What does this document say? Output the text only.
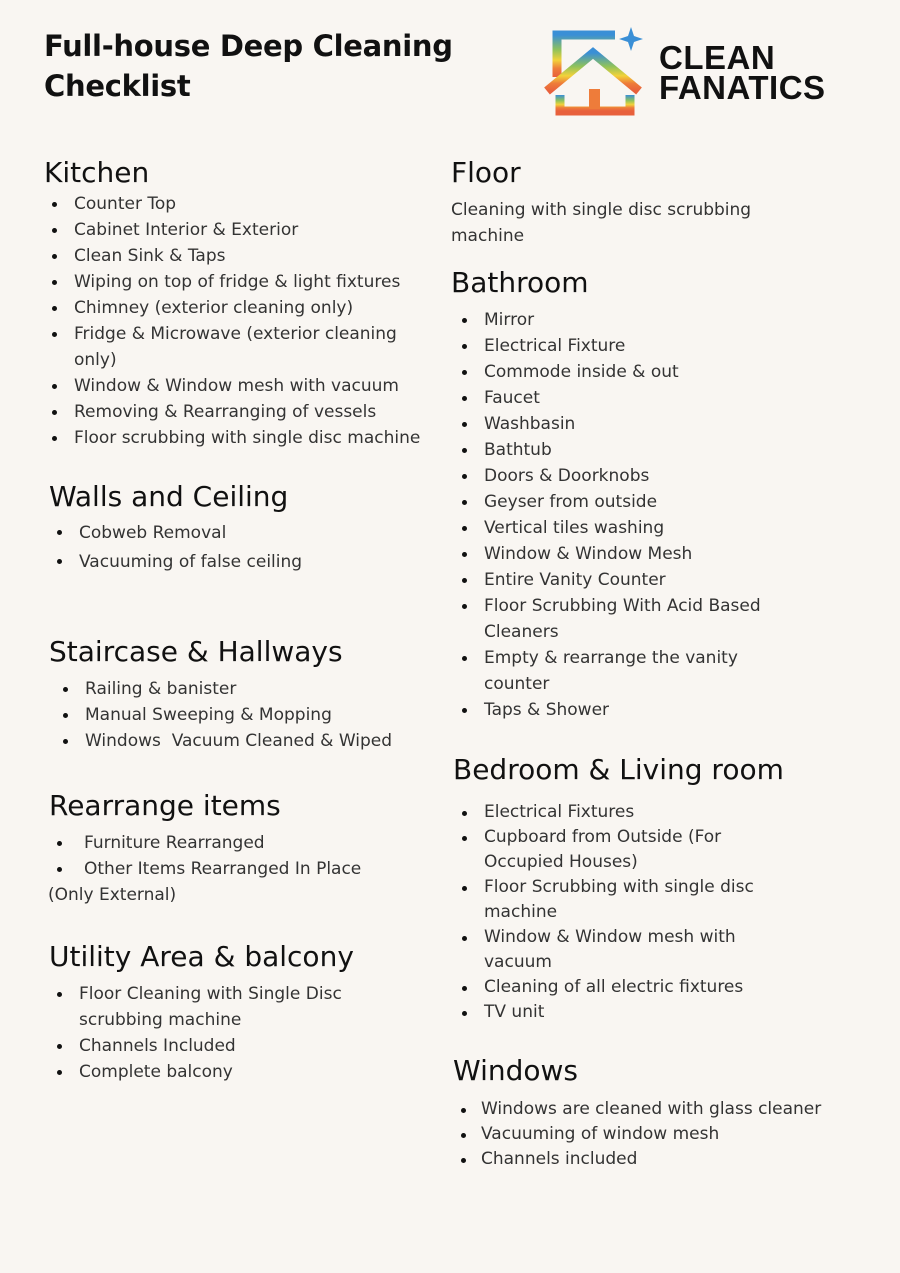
Full-house Deep Cleaning
Checklist
CLEAN
FANATICS
Kitchen
Counter Top
Cabinet Interior & Exterior
Clean Sink & Taps
Wiping on top of fridge & light fixtures
Chimney (exterior cleaning only)
Fridge & Microwave (exterior cleaning only)
Window & Window mesh with vacuum
Removing & Rearranging of vessels
Floor scrubbing with single disc machine
Walls and Ceiling
Cobweb Removal
Vacuuming of false ceiling
Staircase & Hallways
Railing & banister
Manual Sweeping & Mopping
Windows  Vacuum Cleaned & Wiped
Rearrange items
Furniture Rearranged
Other Items Rearranged In Place
(Only External)
Utility Area & balcony
Floor Cleaning with Single Disc scrubbing machine
Channels Included
Complete balcony
Floor

Cleaning with single disc scrubbing machine

Bathroom
Mirror
Electrical Fixture
Commode inside & out
Faucet
Washbasin
Bathtub
Doors & Doorknobs
Geyser from outside
Vertical tiles washing
Window & Window Mesh
Entire Vanity Counter
Floor Scrubbing With Acid Based Cleaners
Empty & rearrange the vanity counter
Taps & Shower
Bedroom & Living room
Electrical Fixtures
Cupboard from Outside (For Occupied Houses)
Floor Scrubbing with single disc machine
Window & Window mesh with vacuum
Cleaning of all electric fixtures
TV unit
Windows
Windows are cleaned with glass cleaner
Vacuuming of window mesh
Channels included
